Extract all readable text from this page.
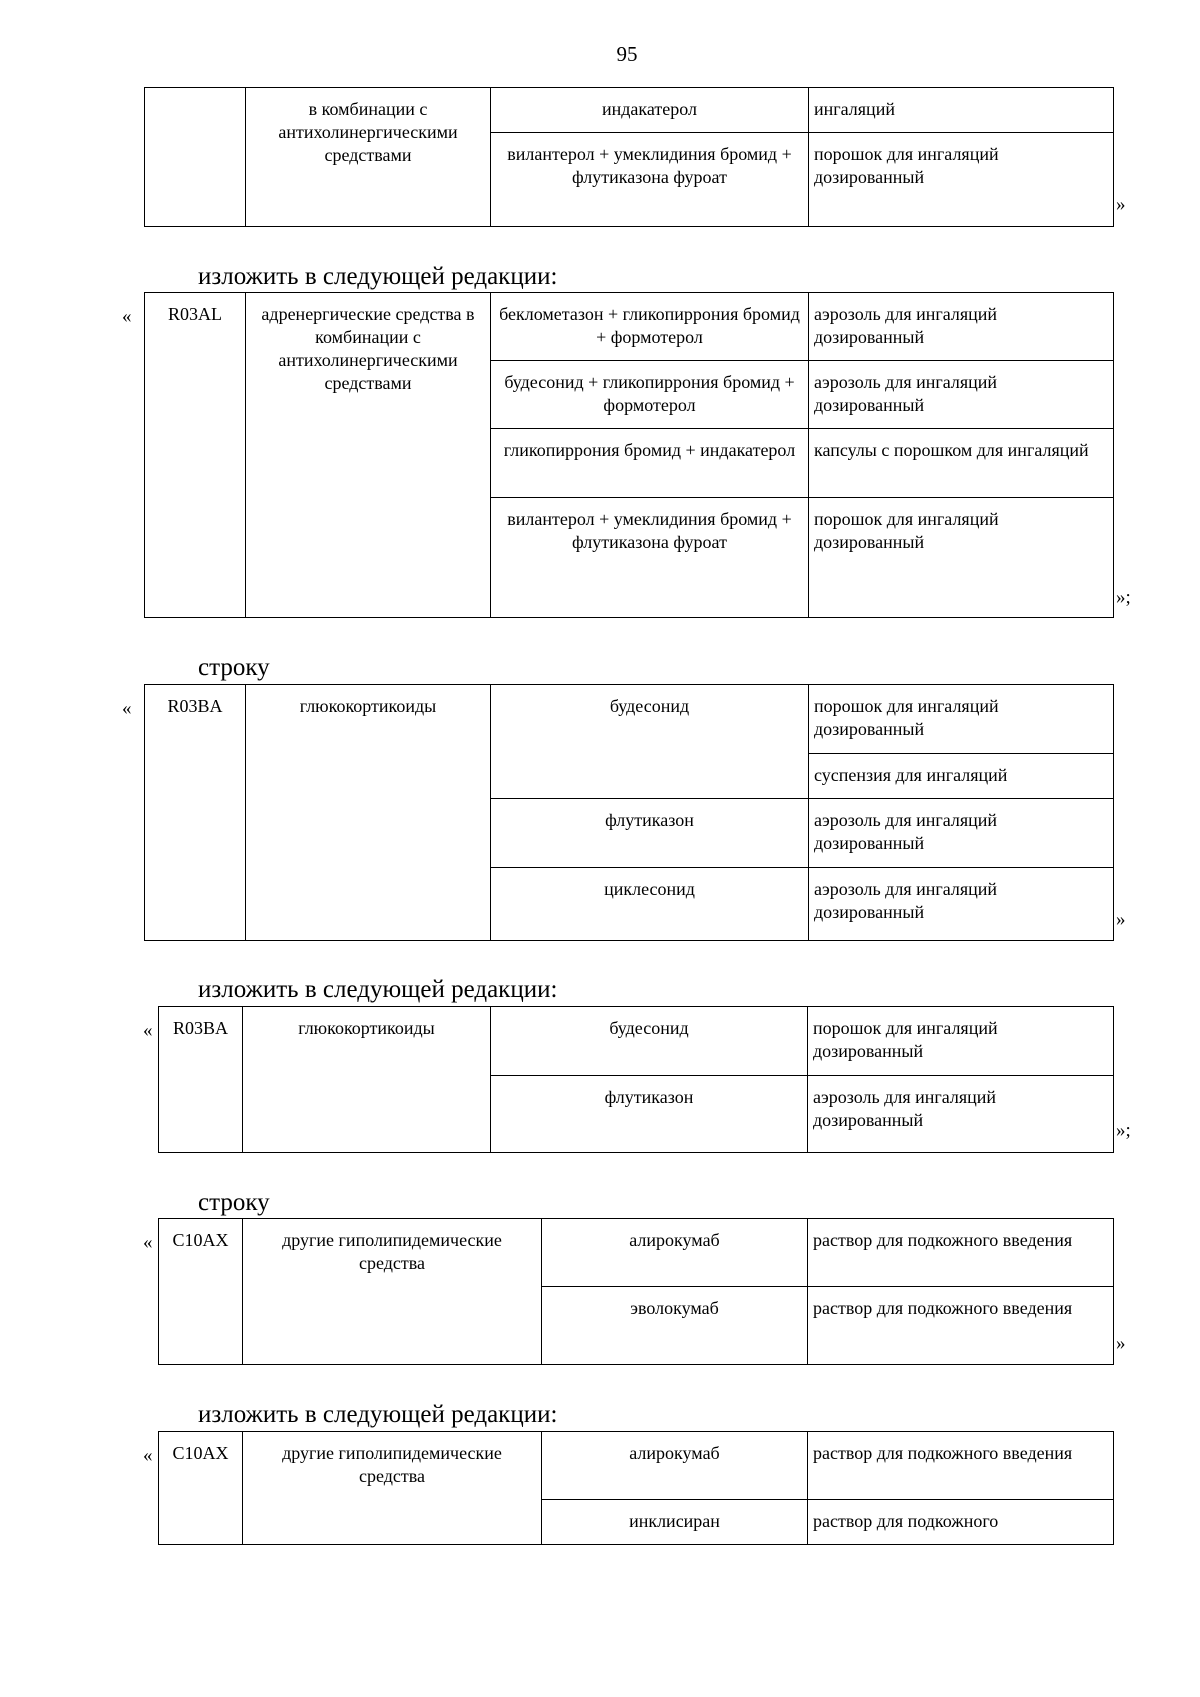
95
	в комбинации с антихолинергическими средствами	индакатерол	ингаляций
		вилантерол + умеклидиния бромид + флутиказона фуроат	порошок для ингаляций дозированный
»
изложить в следующей редакции:
« R03AL	адренергические средства в комбинации с антихолинергическими средствами	беклометазон + гликопиррония бромид + формотерол	аэрозоль для ингаляций дозированный
		будесонид + гликопиррония бромид + формотерол	аэрозоль для ингаляций дозированный
		гликопиррония бромид + индакатерол	капсулы с порошком для ингаляций
		вилантерол + умеклидиния бромид + флутиказона фуроат	порошок для ингаляций дозированный
»;
строку
« R03BA	глюкокортикоиды	будесонид	порошок для ингаляций дозированный
			суспензия для ингаляций
		флутиказон	аэрозоль для ингаляций дозированный
		циклесонид	аэрозоль для ингаляций дозированный	»
изложить в следующей редакции:
« R03BA	глюкокортикоиды	будесонид	порошок для ингаляций дозированный
		флутиказон	аэрозоль для ингаляций дозированный	»;
строку
« C10AX	другие гиполипидемические средства	алирокумаб	раствор для подкожного введения
		эволокумаб	раствор для подкожного введения
»
изложить в следующей редакции:
« C10AX	другие гиполипидемические средства	алирокумаб	раствор для подкожного введения
		инклисиран	раствор для подкожного
